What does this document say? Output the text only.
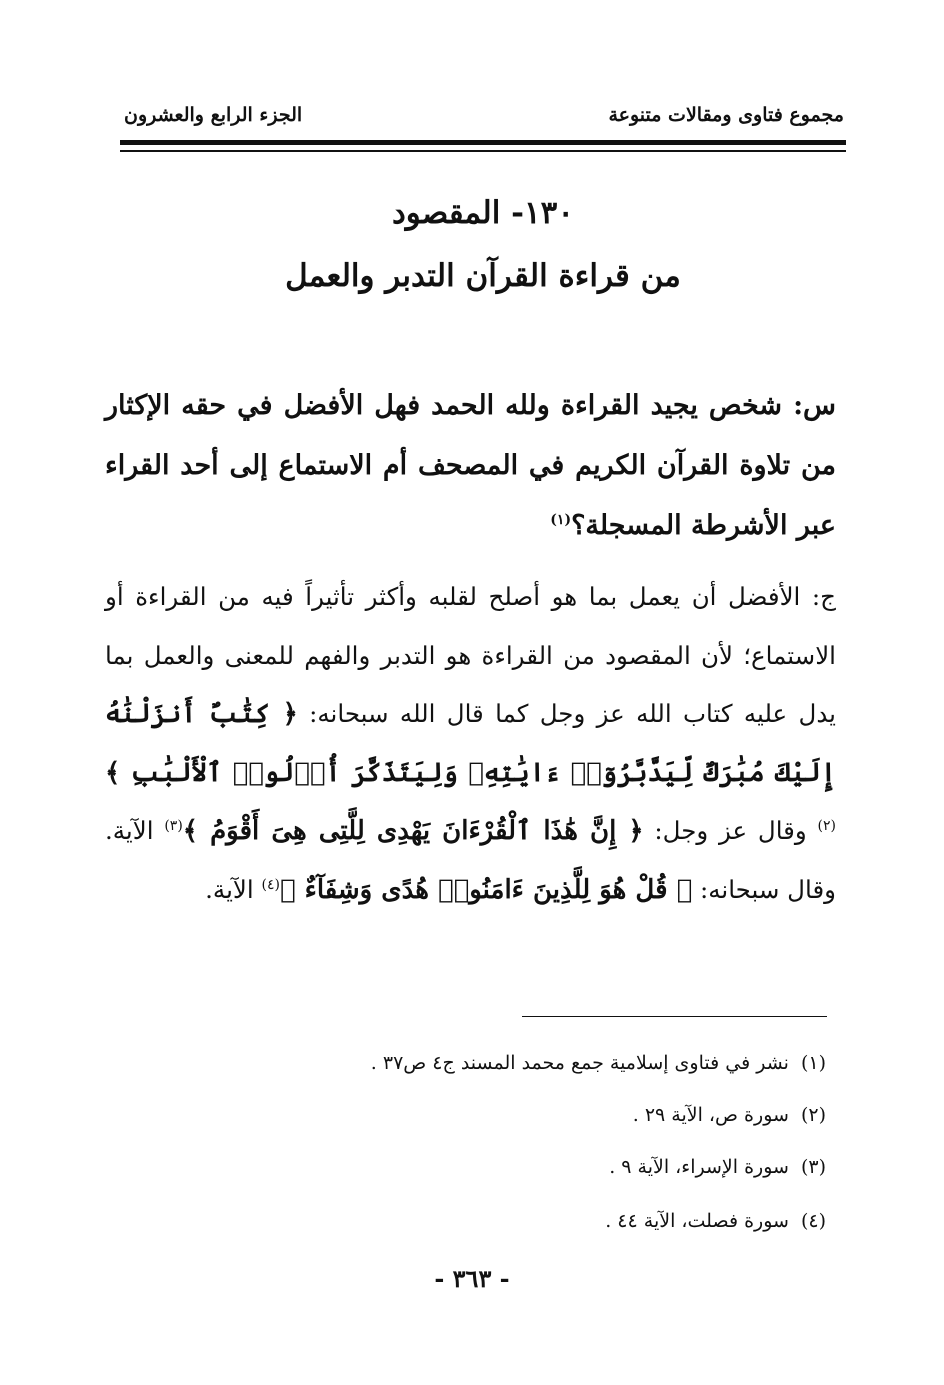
مجموع فتاوى ومقالات متنوعة
الجزء الرابع والعشرون
١٣٠- المقصود
من قراءة القرآن التدبر والعمل
س: شخص يجيد القراءة ولله الحمد فهل الأفضل في حقه الإكثار من تلاوة القرآن الكريم في المصحف أم الاستماع إلى أحد القراء عبر الأشرطة المسجلة؟$^{(١)}$
ج: الأفضل أن يعمل بما هو أصلح لقلبه وأكثر تأثيراً فيه من القراءة أو الاستماع؛ لأن المقصود من القراءة هو التدبر والفهم للمعنى والعمل بما يدل عليه كتاب الله عز وجل كما قال الله سبحانه: ﴿ كِتَٰبٌ أَنزَلْنَٰهُ إِلَيْكَ مُبَٰرَكٌ لِّيَدَّبَّرُوٓا۟ ءَايَٰتِهِۦ وَلِيَتَذَكَّرَ أُو۟لُوا۟ ٱلْأَلْبَٰبِ ﴾$^{(٢)}$ وقال عز وجل: ﴿ إِنَّ هَٰذَا ٱلْقُرْءَانَ يَهْدِى لِلَّتِى هِىَ أَقْوَمُ ﴾$^{(٣)}$ الآية. وقال سبحانه: ﴿ قُلْ هُوَ لِلَّذِينَ ءَامَنُوا۟ هُدًى وَشِفَآءٌ ﴾$^{(٤)}$ الآية.
(١)نشر في فتاوى إسلامية جمع محمد المسند ج٤ ص٣٧ .
(٢)سورة ص، الآية ٢٩ .
(٣)سورة الإسراء، الآية ٩ .
(٤)سورة فصلت، الآية ٤٤ .
- ٣٦٣ -
